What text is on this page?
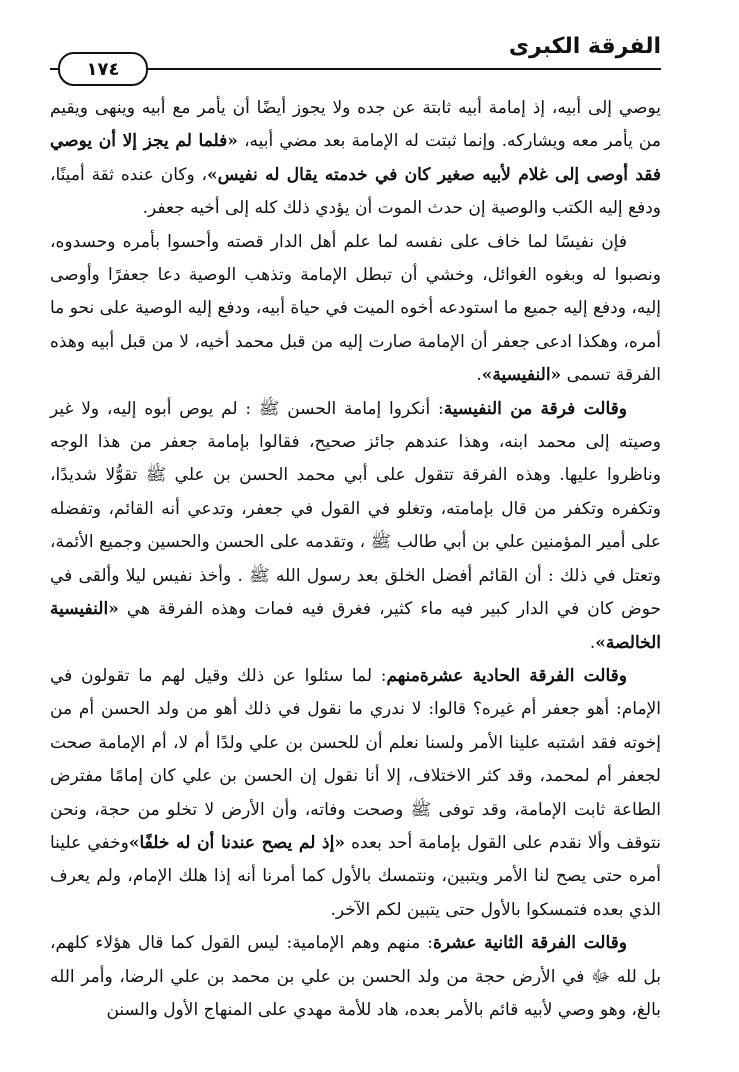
الفرقة الكبرى
١٧٤

يوصي إلى أبيه، إذ إمامة أبيه ثابتة عن جده ولا يجوز أيضًا أن يأمر مع أبيه وينهى ويقيم من يأمر معه ويشاركه. وإنما ثبتت له الإمامة بعد مضي أبيه، «فلما لم يجز إلا أن يوصي فقد أوصى إلى غلام لأبيه صغير كان في خدمته يقال له نفيس»، وكان عنده ثقة أمينًا، ودفع إليه الكتب والوصية إن حدث الموت أن يؤدي ذلك كله إلى أخيه جعفر.

فإن نفيسًا لما خاف على نفسه لما علم أهل الدار قصته وأحسوا بأمره وحسدوه، ونصبوا له وبغوه الغوائل، وخشي أن تبطل الإمامة وتذهب الوصية دعا جعفرًا وأوصى إليه، ودفع إليه جميع ما استودعه أخوه الميت في حياة أبيه، ودفع إليه الوصية على نحو ما أمره، وهكذا ادعى جعفر أن الإمامة صارت إليه من قبل محمد أخيه، لا من قبل أبيه وهذه الفرقة تسمى «النفيسية».

وقالت فرقة من النفيسية: أنكروا إمامة الحسن ﷺ : لم يوص أبوه إليه، ولا غير وصيته إلى محمد ابنه، وهذا عندهم جائز صحيح، فقالوا بإمامة جعفر من هذا الوجه وناظروا عليها. وهذه الفرقة تتقول على أبي محمد الحسن بن علي ﷺ تقوُّلا شديدًا، وتكفره وتكفر من قال بإمامته، وتغلو في القول في جعفر، وتدعي أنه القائم، وتفضله على أمير المؤمنين علي بن أبي طالب ﷺ ، وتقدمه على الحسن والحسين وجميع الأئمة، وتعتل في ذلك : أن القائم أفضل الخلق بعد رسول الله ﷺ . وأخذ نفيس ليلا وألقى في حوض كان في الدار كبير فيه ماء كثير، فغرق فيه فمات وهذه الفرقة هي «النفيسية الخالصة».

وقالت الفرقة الحادية عشرةمنهم: لما سئلوا عن ذلك وقيل لهم ما تقولون في الإمام: أهو جعفر أم غيره؟ قالوا: لا ندري ما نقول في ذلك أهو من ولد الحسن أم من إخوته فقد اشتبه علينا الأمر ولسنا نعلم أن للحسن بن علي ولدًا أم لا، أم الإمامة صحت لجعفر أم لمحمد، وقد كثر الاختلاف، إلا أنا نقول إن الحسن بن علي كان إمامًا مفترض الطاعة ثابت الإمامة، وقد توفى ﷺ وصحت وفاته، وأن الأرض لا تخلو من حجة، ونحن نتوقف وألا نقدم على القول بإمامة أحد بعده «إذ لم يصح عندنا أن له خلفًا»وخفي علينا أمره حتى يصح لنا الأمر ويتبين، ونتمسك بالأول كما أمرنا أنه إذا هلك الإمام، ولم يعرف الذي بعده فتمسكوا بالأول حتى يتبين لكم الآخر.

وقالت الفرقة الثانية عشرة: منهم وهم الإمامية: ليس القول كما قال هؤلاء كلهم، بل لله ﷻ في الأرض حجة من ولد الحسن بن علي بن محمد بن علي الرضا، وأمر الله بالغ، وهو وصي لأبيه قائم بالأمر بعده، هاد للأمة مهدي على المنهاج الأول والسنن
